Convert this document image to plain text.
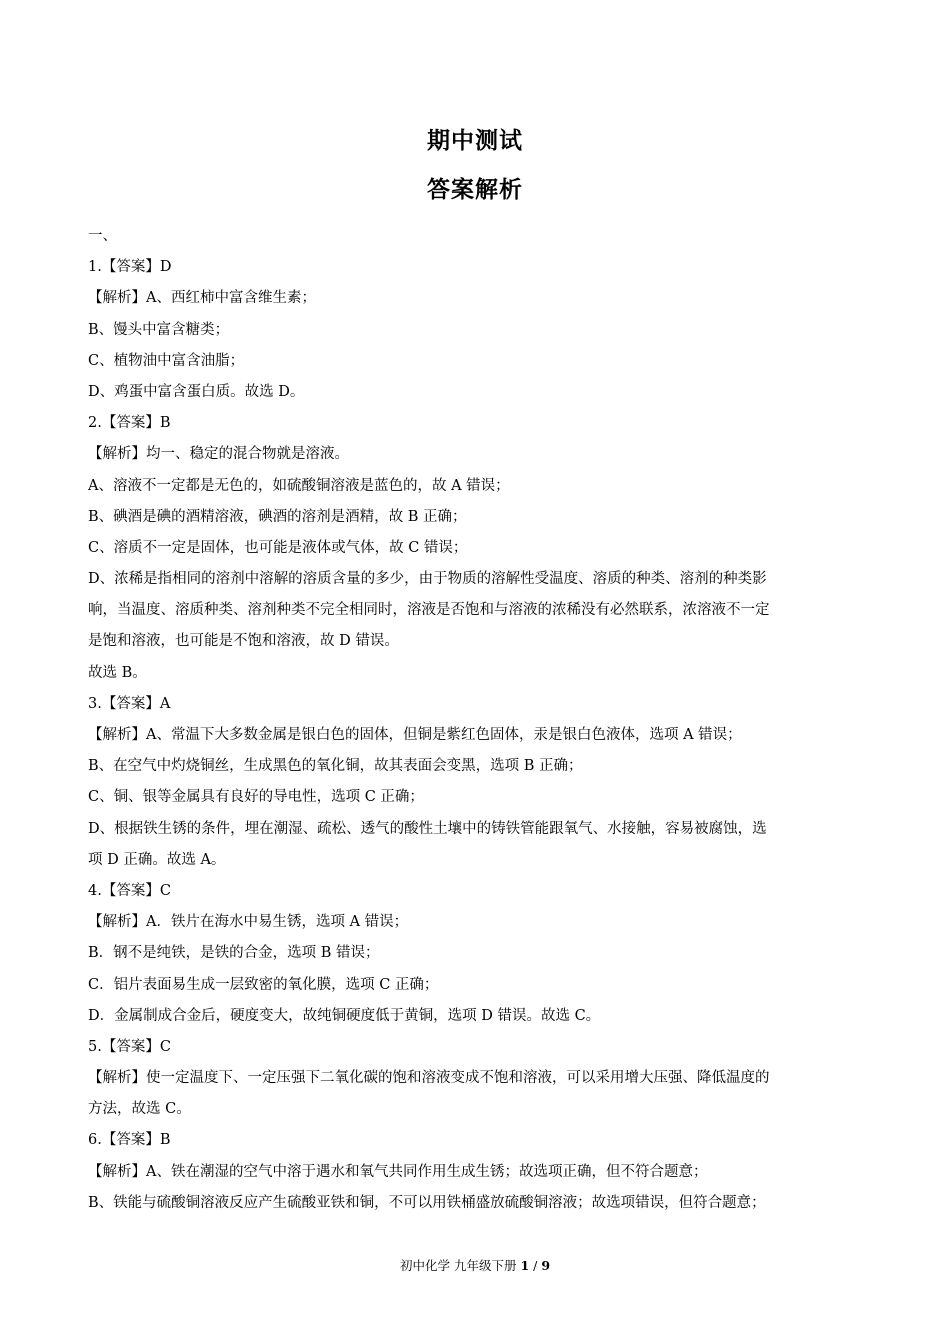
期中测试
答案解析
一、
1.【答案】D
【解析】A、西红柿中富含维生素；
B、馒头中富含糖类；
C、植物油中富含油脂；
D、鸡蛋中富含蛋白质。故选 D。
2.【答案】B
【解析】均一、稳定的混合物就是溶液。
A、溶液不一定都是无色的，如硫酸铜溶液是蓝色的，故 A 错误；
B、碘酒是碘的酒精溶液，碘酒的溶剂是酒精，故 B 正确；
C、溶质不一定是固体，也可能是液体或气体，故 C 错误；
D、浓稀是指相同的溶剂中溶解的溶质含量的多少，由于物质的溶解性受温度、溶质的种类、溶剂的种类影
响，当温度、溶质种类、溶剂种类不完全相同时，溶液是否饱和与溶液的浓稀没有必然联系，浓溶液不一定
是饱和溶液，也可能是不饱和溶液，故 D 错误。
故选 B。
3.【答案】A
【解析】A、常温下大多数金属是银白色的固体，但铜是紫红色固体，汞是银白色液体，选项 A 错误；
B、在空气中灼烧铜丝，生成黑色的氧化铜，故其表面会变黑，选项 B 正确；
C、铜、银等金属具有良好的导电性，选项 C 正确；
D、根据铁生锈的条件，埋在潮湿、疏松、透气的酸性土壤中的铸铁管能跟氧气、水接触，容易被腐蚀，选
项 D 正确。故选 A。
4.【答案】C
【解析】A．铁片在海水中易生锈，选项 A 错误；
B．钢不是纯铁，是铁的合金，选项 B 错误；
C．铝片表面易生成一层致密的氧化膜，选项 C 正确；
D．金属制成合金后，硬度变大，故纯铜硬度低于黄铜，选项 D 错误。故选 C。
5.【答案】C
【解析】使一定温度下、一定压强下二氧化碳的饱和溶液变成不饱和溶液，可以采用增大压强、降低温度的
方法，故选 C。
6.【答案】B
【解析】A、铁在潮湿的空气中溶于遇水和氧气共同作用生成生锈；故选项正确，但不符合题意；
B、铁能与硫酸铜溶液反应产生硫酸亚铁和铜，不可以用铁桶盛放硫酸铜溶液；故选项错误，但符合题意；
初中化学 九年级下册 1 / 9
